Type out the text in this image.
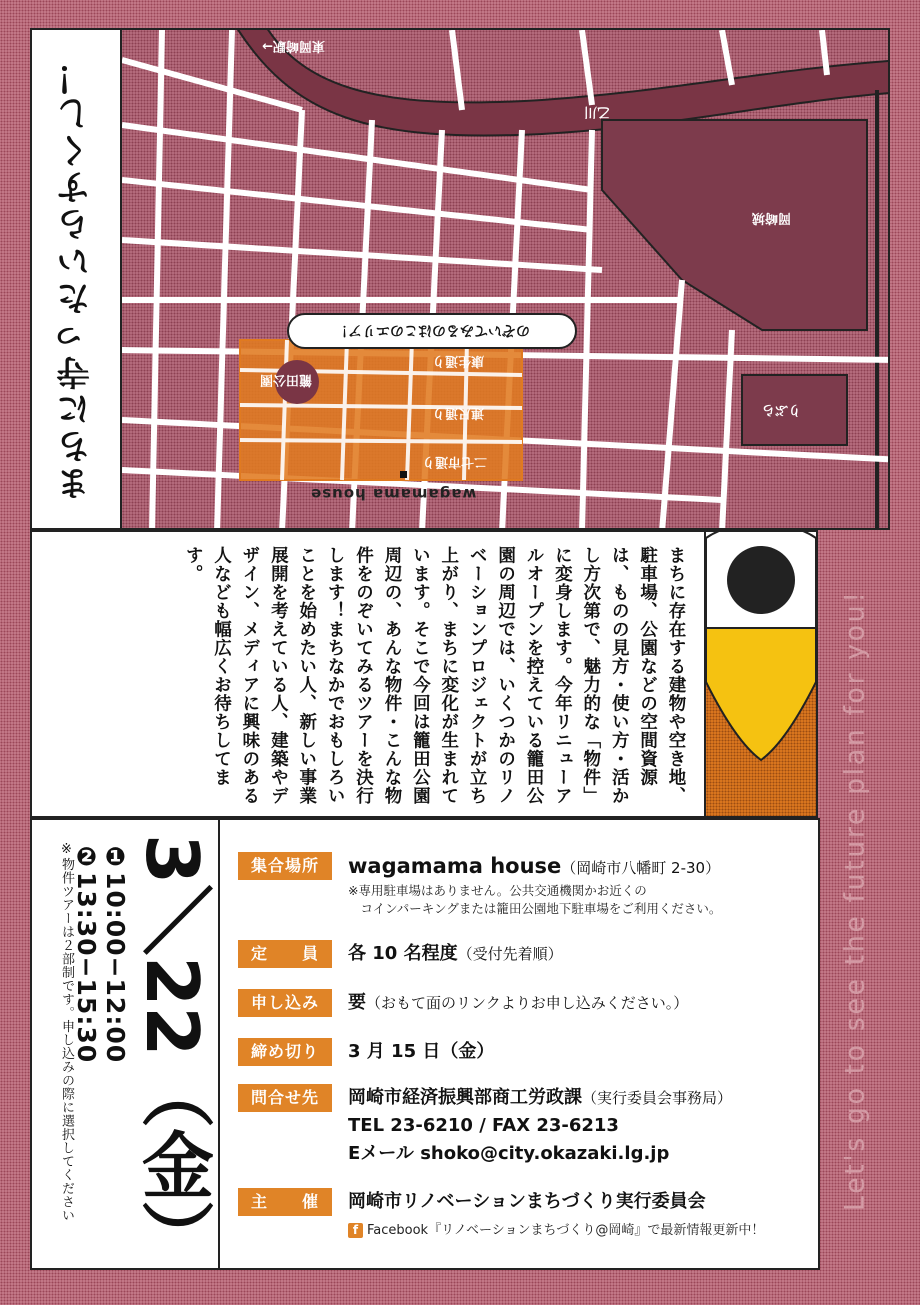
まちに寺ったいらすくし！	のぞいてみるのはこのエリア！
東岡崎駅→
乙川
岡崎城
りぶら
籠田公園
康生通り
連尺通り
二七市通り
wagamama house
まちに存在する建物や空き地、駐車場、公園などの空間資源は、ものの見方・使い方・活かし方次第で、魅力的な「物件」に変身します。今年リニューアルオープンを控えている籠田公園の周辺では、いくつかのリノベーションプロジェクトが立ち上がり、まちに変化が生まれています。そこで今回は籠田公園周辺の、あんな物件・こんな物件をのぞいてみるツアーを決行します！まちなかでおもしろいことを始めたい人、新しい事業展開を考えている人、建築やデザイン、メディアに興味のある人なども幅広くお待ちしてます。
Let's go to see the future plan for you!
3／22（金）
❶10:00−12:00 ❷13:30−15:30
※物件ツアーは２部制です。申し込みの際に選択してください	集合場所	wagamama house（岡崎市八幡町 2-30）
※専用駐車場はありません。公共交通機関かお近くの
　コインパーキングまたは籠田公園地下駐車場をご利用ください。
定　　員	各 10 名程度（受付先着順）
申し込み	要（おもて面のリンクよりお申し込みください。）
締め切り	3 月 15 日（金）
問合せ先	岡崎市経済振興部商工労政課（実行委員会事務局）
TEL 23-6210 / FAX 23-6213
Eメール shoko@city.okazaki.lg.jp
主　　催	岡崎市リノベーションまちづくり実行委員会
f Facebook『リノベーションまちづくり@岡崎』で最新情報更新中！
